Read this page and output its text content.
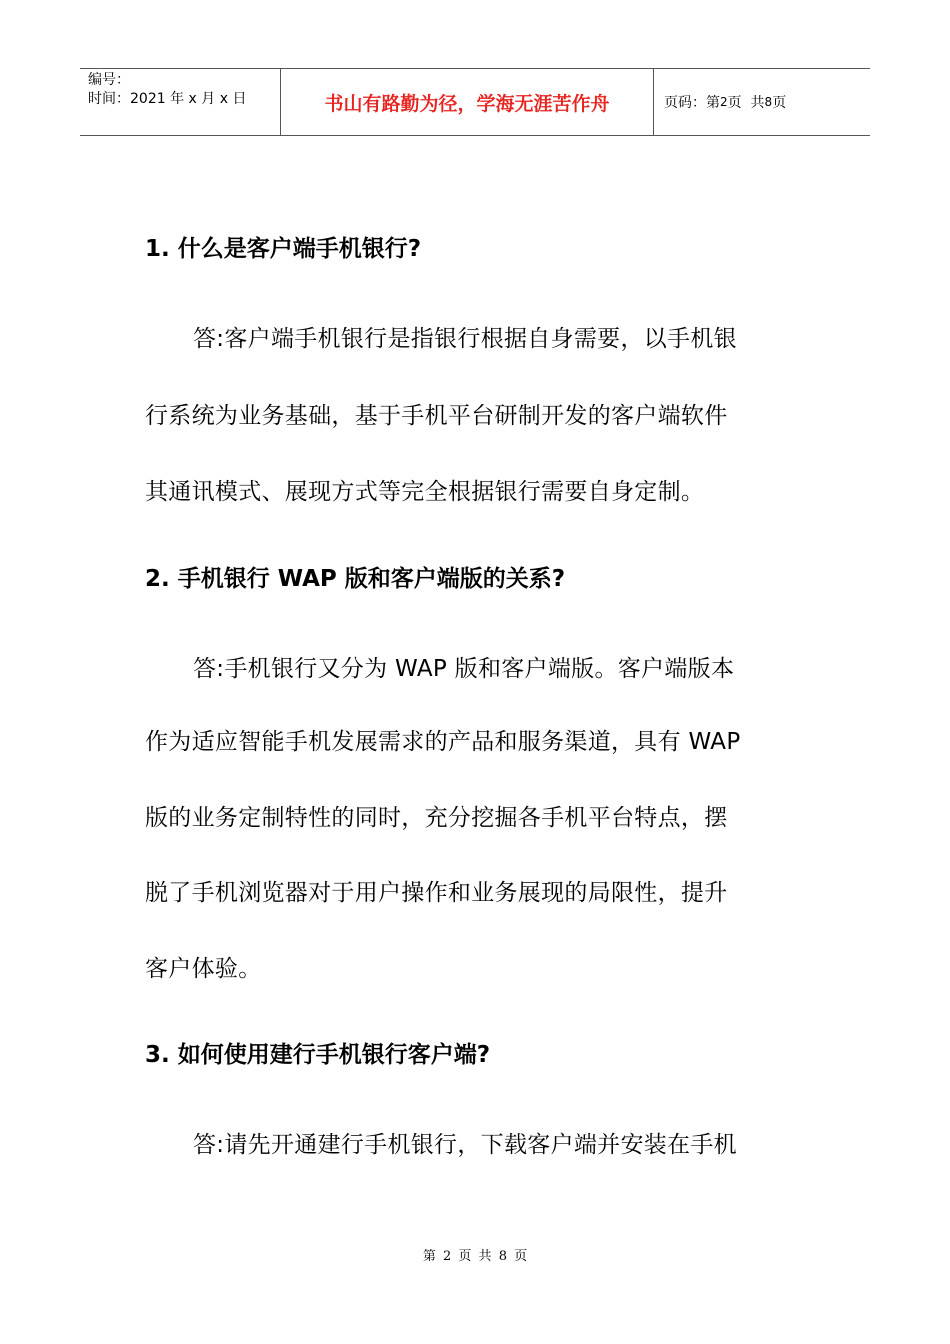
编号：
时间：2021 年 x 月 x 日	书山有路勤为径，学海无涯苦作舟	页码：第 2 页  共 8 页
1. 什么是客户端手机银行?
答:客户端手机银行是指银行根据自身需要，以手机银
行系统为业务基础，基于手机平台研制开发的客户端软件
其通讯模式、展现方式等完全根据银行需要自身定制。
2. 手机银行 WAP 版和客户端版的关系?
答:手机银行又分为 WAP 版和客户端版。客户端版本
作为适应智能手机发展需求的产品和服务渠道，具有 WAP
版的业务定制特性的同时，充分挖掘各手机平台特点，摆
脱了手机浏览器对于用户操作和业务展现的局限性，提升
客户体验。
3. 如何使用建行手机银行客户端?
答:请先开通建行手机银行，下载客户端并安装在手机
第 2 页 共 8 页
